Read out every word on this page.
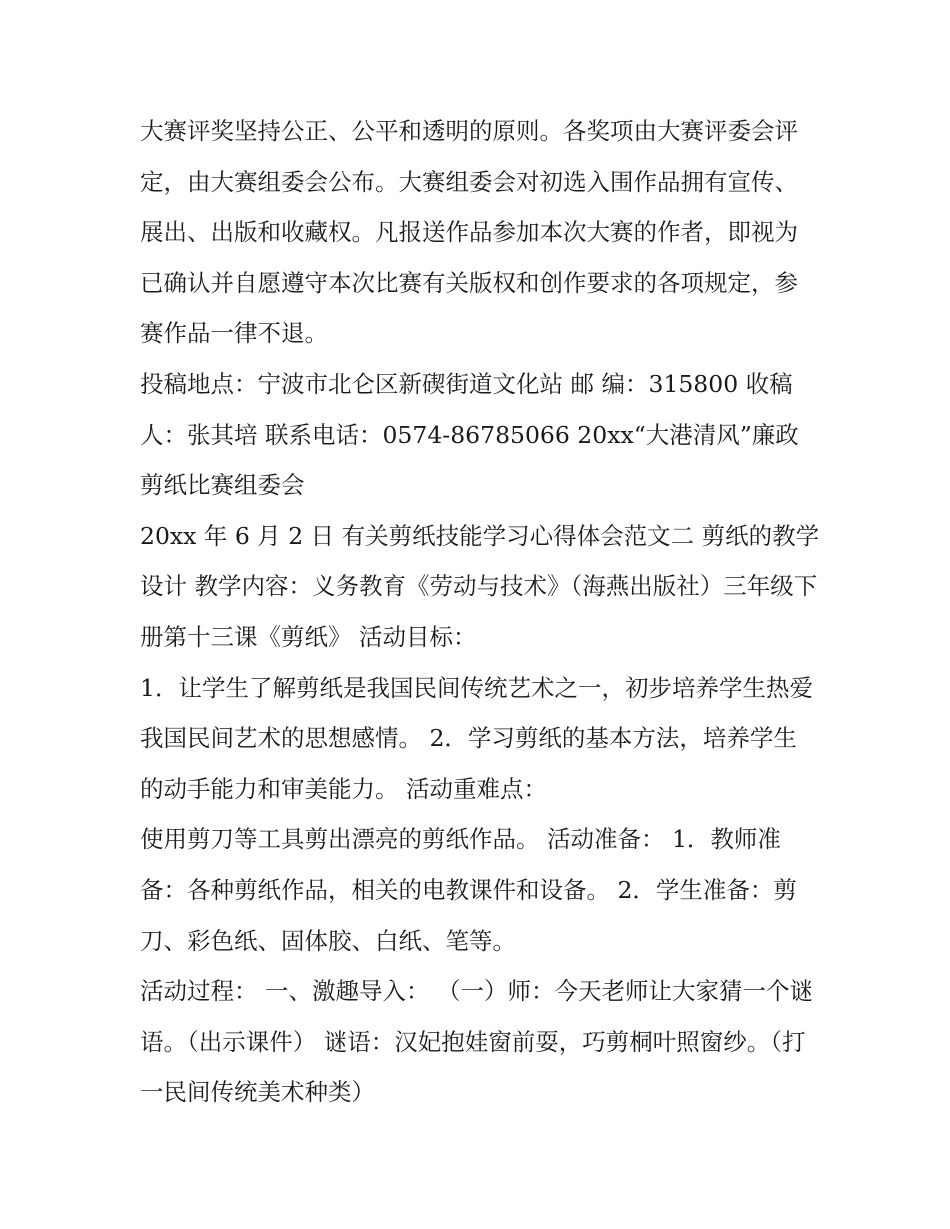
大赛评奖坚持公正、公平和透明的原则。各奖项由大赛评委会评定，由大赛组委会公布。大赛组委会对初选入围作品拥有宣传、展出、出版和收藏权。凡报送作品参加本次大赛的作者，即视为已确认并自愿遵守本次比赛有关版权和创作要求的各项规定，参赛作品一律不退。

投稿地点：宁波市北仑区新碶街道文化站 邮 编：315800 收稿人：张其培 联系电话：0574-86785066 20xx“大港清风”廉政剪纸比赛组委会

20xx 年 6 月 2 日 有关剪纸技能学习心得体会范文二 剪纸的教学设计 教学内容：义务教育《劳动与技术》（海燕出版社）三年级下册第十三课《剪纸》 活动目标：

1．让学生了解剪纸是我国民间传统艺术之一，初步培养学生热爱我国民间艺术的思想感情。 2．学习剪纸的基本方法，培养学生的动手能力和审美能力。 活动重难点：

使用剪刀等工具剪出漂亮的剪纸作品。 活动准备： 1．教师准备：各种剪纸作品，相关的电教课件和设备。 2．学生准备：剪刀、彩色纸、固体胶、白纸、笔等。

活动过程： 一、激趣导入： （一）师：今天老师让大家猜一个谜语。（出示课件） 谜语：汉妃抱娃窗前耍，巧剪桐叶照窗纱。（打一民间传统美术种类）
